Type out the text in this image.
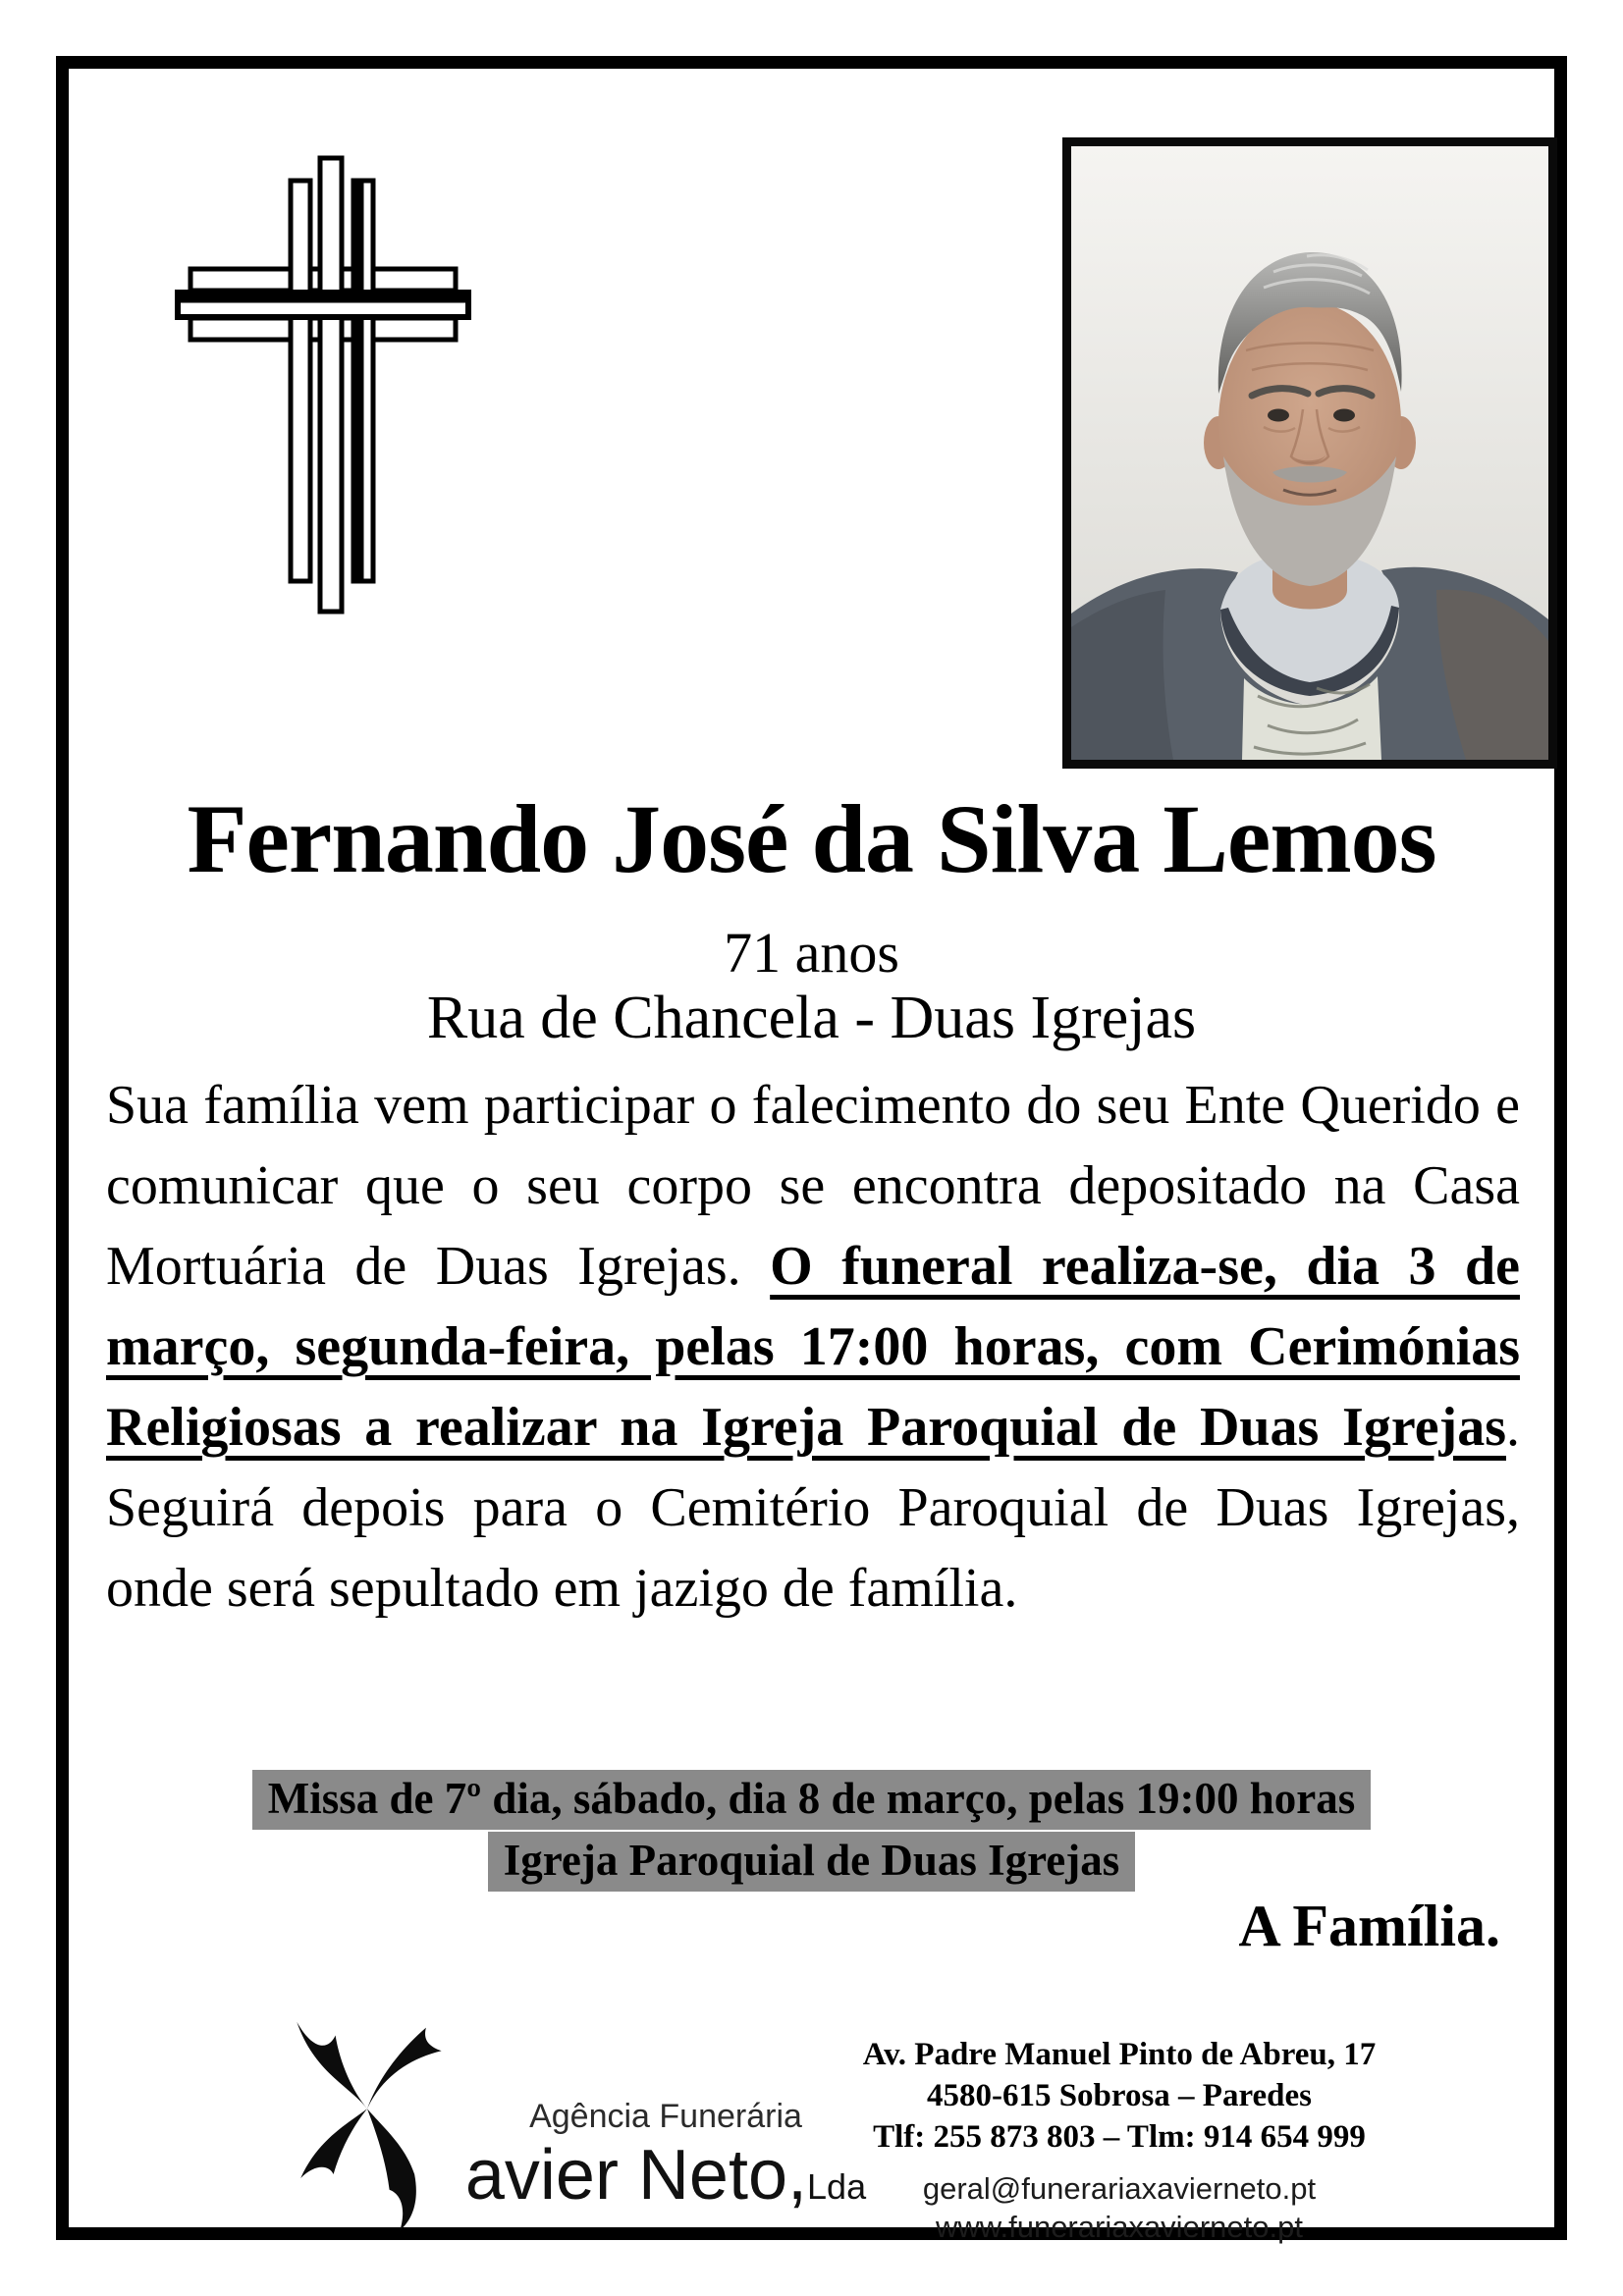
Fernando José da Silva Lemos
71 anos
Rua de Chancela - Duas Igrejas
Sua família vem participar o falecimento do seu Ente Querido e comunicar que o seu corpo se encontra depositado na Casa Mortuária de Duas Igrejas. O funeral realiza-se, dia 3 de março, segunda-feira, pelas 17:00 horas, com Cerimónias Religiosas a realizar na Igreja Paroquial de Duas Igrejas. Seguirá depois para o Cemitério Paroquial de Duas Igrejas, onde será sepultado em jazigo de família.
Missa de 7º dia, sábado, dia 8 de março, pelas 19:00 horas
Igreja Paroquial de Duas Igrejas
A Família.
Agência Funerária
avier Neto,Lda
Av. Padre Manuel Pinto de Abreu, 17
4580-615 Sobrosa – Paredes
Tlf: 255 873 803 – Tlm: 914 654 999
geral@funerariaxavierneto.pt
www.funerariaxavierneto.pt
